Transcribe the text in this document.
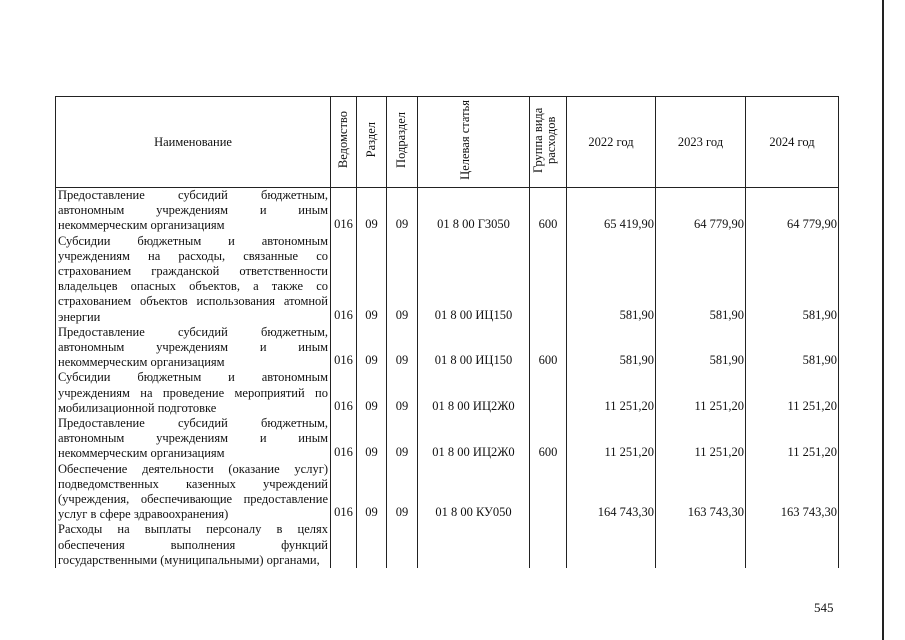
Наименование	Ведомство	Раздел	Подраздел	Целевая статья	Группа вида расходов	2022 год	2023 год	2024 год
Предоставление субсидий бюджетным, автономным учреждениям и иным некоммерческим организациям	016	09	09	01 8 00 Г3050	600	65 419,90	64 779,90	64 779,90
Субсидии бюджетным и автономным учреждениям на расходы, связанные со страхованием гражданской ответственности владельцев опасных объектов, а также со страхованием объектов использования атомной энергии	016	09	09	01 8 00 ИЦ150		581,90	581,90	581,90
Предоставление субсидий бюджетным, автономным учреждениям и иным некоммерческим организациям	016	09	09	01 8 00 ИЦ150	600	581,90	581,90	581,90
Субсидии бюджетным и автономным учреждениям на проведение мероприятий по мобилизационной подготовке	016	09	09	01 8 00 ИЦ2Ж0		11 251,20	11 251,20	11 251,20
Предоставление субсидий бюджетным, автономным учреждениям и иным некоммерческим организациям	016	09	09	01 8 00 ИЦ2Ж0	600	11 251,20	11 251,20	11 251,20
Обеспечение деятельности (оказание услуг) подведомственных казенных учреждений (учреждения, обеспечивающие предоставление услуг в сфере здравоохранения)	016	09	09	01 8 00 КУ050		164 743,30	163 743,30	163 743,30
Расходы на выплаты персоналу в целях обеспечения выполнения функций государственными (муниципальными) органами,								
545
